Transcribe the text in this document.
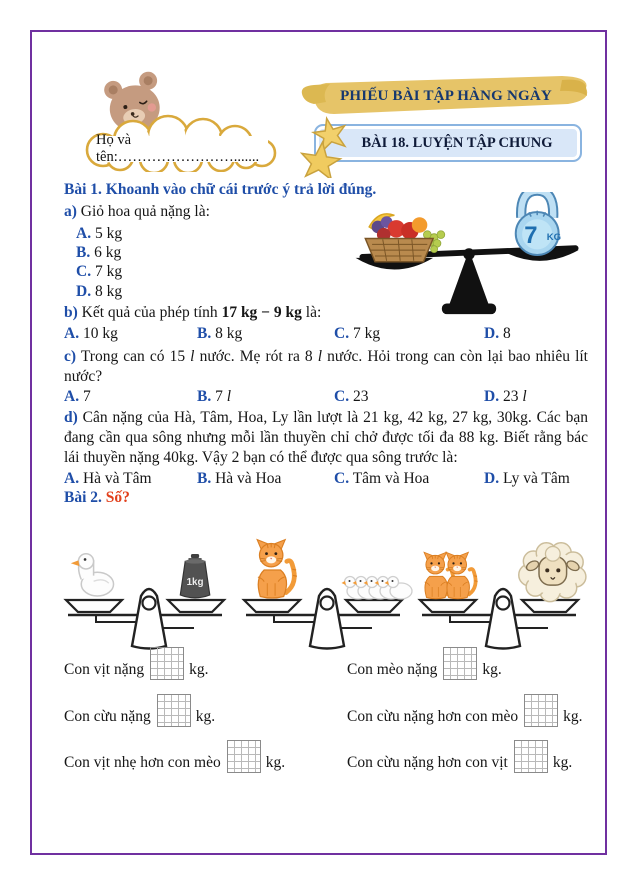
Họ và tên:…………………….......
PHIẾU BÀI TẬP HÀNG NGÀY
BÀI 18. LUYỆN TẬP CHUNG
Bài 1. Khoanh vào chữ cái trước ý trả lời đúng.
a) Giỏ hoa quả nặng là:
A. 5 kg
B. 6 kg
C. 7 kg
D. 8 kg
7 KG
b) Kết quả của phép tính 17 kg − 9 kg là:
A. 10 kg	B. 8 kg	C. 7 kg	D. 8
c) Trong can có 15 l nước. Mẹ rót ra 8 l nước. Hỏi trong can còn lại bao nhiêu lít nước?
A. 7	B. 7 l	C. 23	D. 23 l
d) Cân nặng của Hà, Tâm, Hoa, Ly lần lượt là 21 kg, 42 kg, 27 kg, 30kg. Các bạn đang cần qua sông nhưng mỗi lần thuyền chỉ chở được tối đa 88 kg. Biết rằng bác lái thuyền nặng 40kg. Vậy 2 bạn có thể được qua sông trước là:
A. Hà và Tâm	B. Hà và Hoa	C. Tâm và Hoa	D. Ly và Tâm
Bài 2. Số?
1kg
Con vịt nặng	kg.	Con mèo nặng	kg.
Con cừu nặng	kg.	Con cừu nặng hơn con mèo	kg.
Con vịt nhẹ hơn con mèo	kg.	Con cừu nặng hơn con vịt	kg.
